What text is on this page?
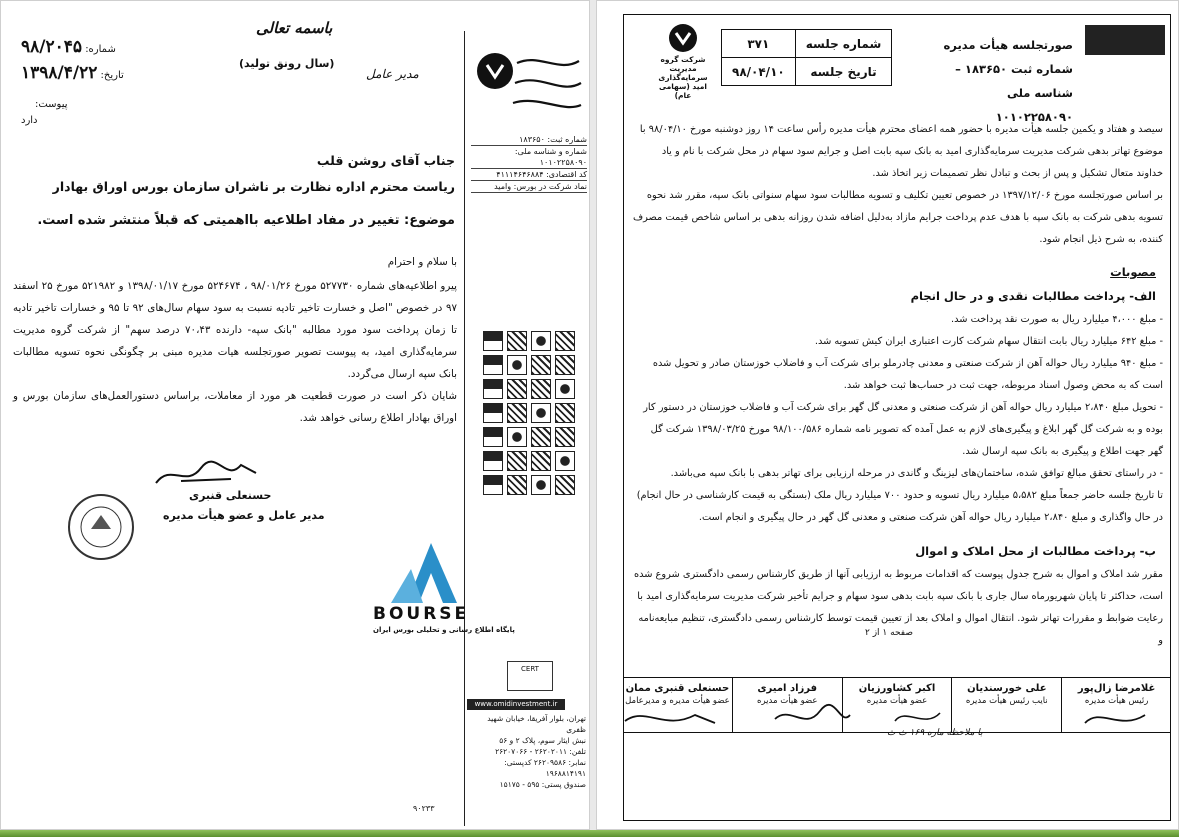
باسمه تعالی
(سال رونق تولید)
مدیر عامل
شماره: ۹۸/۲۰۴۵
تاریخ: ۱۳۹۸/۴/۲۲
پیوست:
دارد
جناب آقای روشن قلب
ریاست محترم اداره نظارت بر ناشران سازمان بورس اوراق بهادار
موضوع: تغییر در مفاد اطلاعیه بااهمیتی که قبلاً منتشر شده است.
با سلام و احترام
پیرو اطلاعیه‌های شماره ۵۲۷۷۳۰ مورخ ۹۸/۰۱/۲۶ ، ۵۲۴۶۷۴ مورخ ۱۳۹۸/۰۱/۱۷ و ۵۲۱۹۸۲ مورخ ۲۵ اسفند ۹۷ در خصوص "اصل و خسارت تاخیر تادیه نسبت به سود سهام سال‌های ۹۲ تا ۹۵ و خسارات تاخیر تادیه تا زمان پرداخت سود مورد مطالبه "بانک سپه- دارنده ۷۰،۴۳ درصد سهم" از شرکت گروه مدیریت سرمایه‌گذاری امید، به پیوست تصویر صورتجلسه هیات مدیره مبنی بر چگونگی نحوه تسویه مطالبات بانک سپه ارسال می‌گردد.
شایان ذکر است در صورت قطعیت هر مورد از معاملات، براساس دستورالعمل‌های سازمان بورس و اوراق بهادار اطلاع رسانی خواهد شد.
حسنعلی قنبری
مدیر عامل و عضو هیأت مدیره
شماره ثبت: ۱۸۳۶۵۰
شماره و شناسه ملی: ۱۰۱۰۲۲۵۸۰۹۰
کد اقتصادی: ۴۱۱۱۴۶۴۶۸۸۴
نماد شرکت در بورس: وامید
BOURSE
پایگاه اطلاع رسانی و تحلیلی بورس ایران
CERT
www.omidinvestment.ir
تهران، بلوار آفریقا، خیابان شهید ظفری
نبش ایثار سوم، پلاک ۲ و ۵۶
تلفن: ۲۶۲۰۲۰۱۱ - ۲۶۲۰۷۰۶۶
نمابر: ۲۶۲۰۹۵۸۶ کدپستی: ۱۹۶۸۸۱۴۱۹۱
صندوق پستی: ۵۹۵ - ۱۵۱۷۵
۹۰۲۳۳
صورتجلسه هیأت مدیره
شماره ثبت ۱۸۳۶۵۰ – شناسه ملی
۱۰۱۰۲۲۵۸۰۹۰
شماره جلسه	۳۷۱
تاریخ جلسه	۹۸/۰۴/۱۰
شرکت گروه مدیریت سرمایه‌گذاری امید (سهامی عام)
سیصد و هفتاد و یکمین جلسه هیأت مدیره با حضور همه اعضای محترم هیأت مدیره رأس ساعت ۱۴ روز دوشنبه مورخ ۹۸/۰۴/۱۰ با موضوع تهاتر بدهی شرکت مدیریت سرمایه‌گذاری امید به بانک سپه بابت اصل و جرایم سود سهام در محل شرکت با نام و یاد خداوند متعال تشکیل و پس از بحث و تبادل نظر تصمیمات زیر اتخاذ شد.
بر اساس صورتجلسه مورخ ۱۳۹۷/۱۲/۰۶ در خصوص تعیین تکلیف و تسویه مطالبات سود سهام سنواتی بانک سپه، مقرر شد نحوه تسویه بدهی شرکت به بانک سپه با هدف عدم پرداخت جرایم مازاد به‌دلیل اضافه شدن روزانه بدهی بر اساس شاخص قیمت مصرف کننده، به شرح ذیل انجام شود.
مصوبات
الف- پرداخت مطالبات نقدی و در حال انجام
- مبلغ ۴،۰۰۰ میلیارد ریال به صورت نقد پرداخت شد.
- مبلغ ۶۴۲ میلیارد ریال بابت انتقال سهام شرکت کارت اعتباری ایران کیش تسویه شد.
- مبلغ ۹۴۰ میلیارد ریال حواله آهن از شرکت صنعتی و معدنی چادرملو برای شرکت آب و فاضلاب خوزستان صادر و تحویل شده است که به محض وصول اسناد مربوطه، جهت ثبت در حساب‌ها ثبت خواهد شد.
- تحویل مبلغ ۲،۸۴۰ میلیارد ریال حواله آهن از شرکت صنعتی و معدنی گل گهر برای شرکت آب و فاضلاب خوزستان در دستور کار بوده و به شرکت گل گهر ابلاغ و پیگیری‌های لازم به عمل آمده که تصویر نامه شماره ۹۸/۱۰۰/۵۸۶ مورخ ۱۳۹۸/۰۳/۲۵ شرکت گل گهر جهت اطلاع و پیگیری به بانک سپه ارسال شد.
- در راستای تحقق مبالغ توافق شده، ساختمان‌های لیزینگ و گاندی در مرحله ارزیابی برای تهاتر بدهی با بانک سپه می‌باشد.
تا تاریخ جلسه حاضر جمعاً مبلغ ۵،۵۸۲ میلیارد ریال تسویه و حدود ۷۰۰ میلیارد ریال ملک (بستگی به قیمت کارشناسی در حال انجام) در حال واگذاری و مبلغ ۲،۸۴۰ میلیارد ریال حواله آهن شرکت صنعتی و معدنی گل گهر در حال پیگیری و انجام است.
ب- پرداخت مطالبات از محل املاک و اموال
مقرر شد املاک و اموال به شرح جدول پیوست که اقدامات مربوط به ارزیابی آنها از طریق کارشناس رسمی دادگستری شروع شده است، حداکثر تا پایان شهریورماه سال جاری با بانک سپه بابت بدهی سود سهام و جرایم تأخیر شرکت مدیریت سرمایه‌گذاری امید با رعایت ضوابط و مقررات تهاتر شود. انتقال اموال و املاک بعد از تعیین قیمت توسط کارشناس رسمی دادگستری، تنظیم مبایعه‌نامه و
صفحه ۱ از ۲
غلامرضا زال‌پور
رئیس هیأت مدیره
علی خورسندیان
نایب رئیس هیأت مدیره
اکبر کشاورزیان
عضو هیأت مدیره
فرزاد امیری
عضو هیأت مدیره
حسنعلی قنبری ممان
عضو هیأت مدیره و مدیرعامل
با ملاحظه ماره ۱۶۹ ث ث
